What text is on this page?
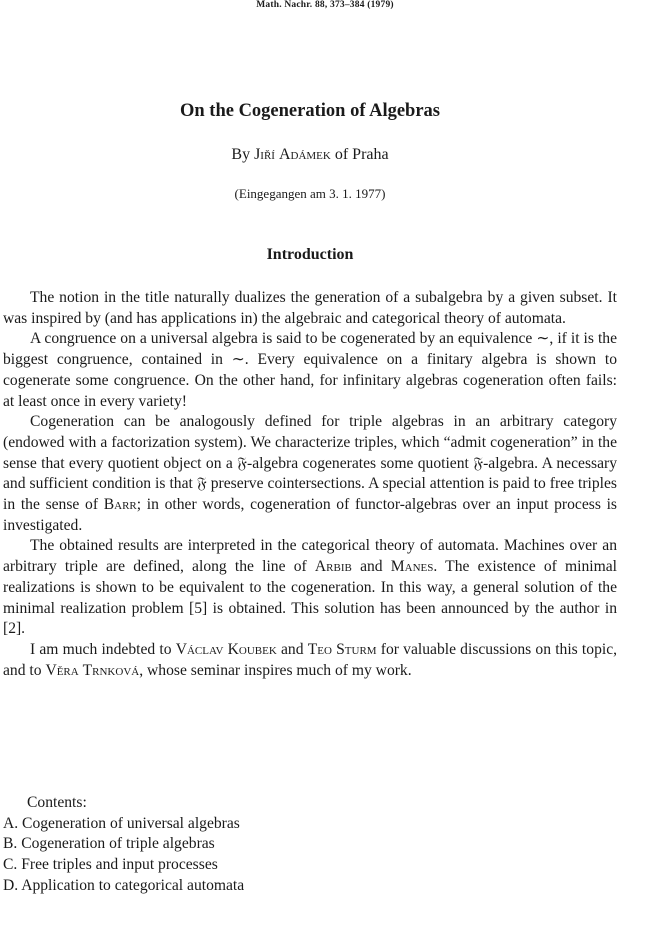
Math. Nachr. 88, 373–384 (1979)
On the Cogeneration of Algebras
By Jiří Adámek of Praha
(Eingegangen am 3. 1. 1977)
Introduction

The notion in the title naturally dualizes the generation of a subalgebra by a given subset. It was inspired by (and has applications in) the algebraic and categorical theory of automata.

A congruence on a universal algebra is said to be cogenerated by an equivalence ∼, if it is the biggest congruence, contained in ∼. Every equivalence on a finitary algebra is shown to cogenerate some congruence. On the other hand, for infinitary algebras cogeneration often fails: at least once in every variety!

Cogeneration can be analogously defined for triple algebras in an arbitrary category (endowed with a factorization system). We characterize triples, which “admit cogeneration” in the sense that every quotient object on a 𝔉-algebra cogenerates some quotient 𝔉-algebra. A necessary and sufficient condition is that 𝔉 preserve cointersections. A special attention is paid to free triples in the sense of Barr; in other words, cogeneration of functor-algebras over an input process is investigated.

The obtained results are interpreted in the categorical theory of automata. Machines over an arbitrary triple are defined, along the line of Arbib and Manes. The existence of minimal realizations is shown to be equivalent to the cogeneration. In this way, a general solution of the minimal realization problem [5] is obtained. This solution has been announced by the author in [2].

I am much indebted to Václav Koubek and Teo Sturm for valuable discussions on this topic, and to Věra Trnková, whose seminar inspires much of my work.

Contents:
A. Cogeneration of universal algebras
B. Cogeneration of triple algebras
C. Free triples and input processes
D. Application to categorical automata
